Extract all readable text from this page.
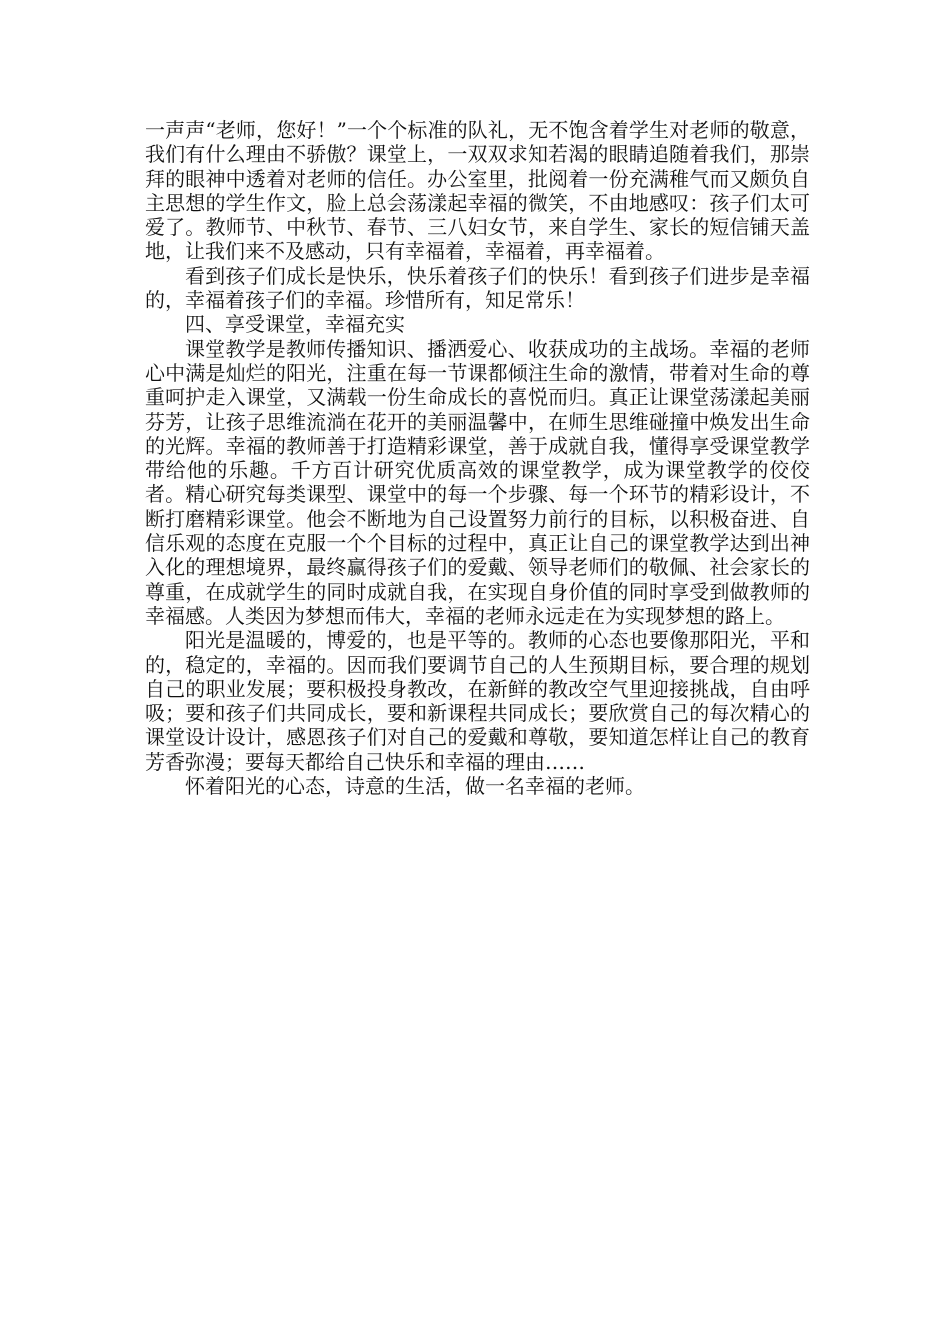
一声声“老师，您好！”一个个标准的队礼，无不饱含着学生对老师的敬意，我们有什么理由不骄傲？课堂上，一双双求知若渴的眼睛追随着我们，那崇拜的眼神中透着对老师的信任。办公室里，批阅着一份充满稚气而又颇负自主思想的学生作文，脸上总会荡漾起幸福的微笑，不由地感叹：孩子们太可爱了。教师节、中秋节、春节、三八妇女节，来自学生、家长的短信铺天盖地，让我们来不及感动，只有幸福着，幸福着，再幸福着。

看到孩子们成长是快乐，快乐着孩子们的快乐！看到孩子们进步是幸福的，幸福着孩子们的幸福。珍惜所有，知足常乐！

四、享受课堂，幸福充实

课堂教学是教师传播知识、播洒爱心、收获成功的主战场。幸福的老师心中满是灿烂的阳光，注重在每一节课都倾注生命的激情，带着对生命的尊重呵护走入课堂，又满载一份生命成长的喜悦而归。真正让课堂荡漾起美丽芬芳，让孩子思维流淌在花开的美丽温馨中，在师生思维碰撞中焕发出生命的光辉。幸福的教师善于打造精彩课堂，善于成就自我，懂得享受课堂教学带给他的乐趣。千方百计研究优质高效的课堂教学，成为课堂教学的佼佼者。精心研究每类课型、课堂中的每一个步骤、每一个环节的精彩设计，不断打磨精彩课堂。他会不断地为自己设置努力前行的目标，以积极奋进、自信乐观的态度在克服一个个目标的过程中，真正让自己的课堂教学达到出神入化的理想境界，最终赢得孩子们的爱戴、领导老师们的敬佩、社会家长的尊重，在成就学生的同时成就自我，在实现自身价值的同时享受到做教师的幸福感。人类因为梦想而伟大，幸福的老师永远走在为实现梦想的路上。

阳光是温暖的，博爱的，也是平等的。教师的心态也要像那阳光，平和的，稳定的，幸福的。因而我们要调节自己的人生预期目标，要合理的规划自己的职业发展；要积极投身教改，在新鲜的教改空气里迎接挑战，自由呼吸；要和孩子们共同成长，要和新课程共同成长；要欣赏自己的每次精心的课堂设计设计，感恩孩子们对自己的爱戴和尊敬，要知道怎样让自己的教育芳香弥漫；要每天都给自己快乐和幸福的理由……

怀着阳光的心态，诗意的生活，做一名幸福的老师。
